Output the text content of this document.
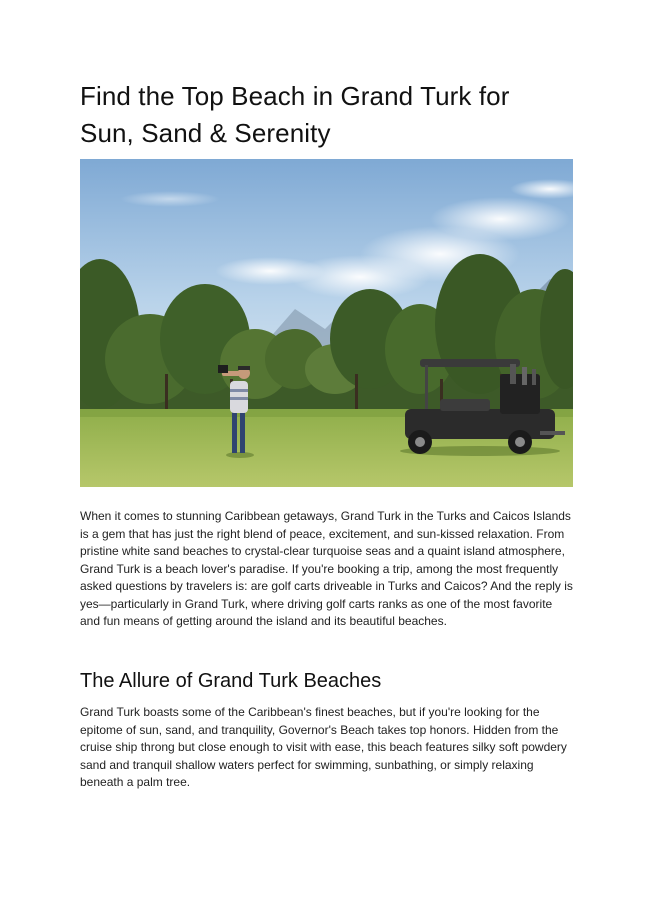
Find the Top Beach in Grand Turk for
Sun, Sand & Serenity

When it comes to stunning Caribbean getaways, Grand Turk in the Turks and Caicos Islands is a gem that has just the right blend of peace, excitement, and sun-kissed relaxation. From pristine white sand beaches to crystal-clear turquoise seas and a quaint island atmosphere, Grand Turk is a beach lover's paradise. If you're booking a trip, among the most frequently asked questions by travelers is: are golf carts driveable in Turks and Caicos? And the reply is yes—particularly in Grand Turk, where driving golf carts ranks as one of the most favorite and fun means of getting around the island and its beautiful beaches.

The Allure of Grand Turk Beaches

Grand Turk boasts some of the Caribbean's finest beaches, but if you're looking for the epitome of sun, sand, and tranquility, Governor's Beach takes top honors. Hidden from the cruise ship throng but close enough to visit with ease, this beach features silky soft powdery sand and tranquil shallow waters perfect for swimming, sunbathing, or simply relaxing beneath a palm tree.
